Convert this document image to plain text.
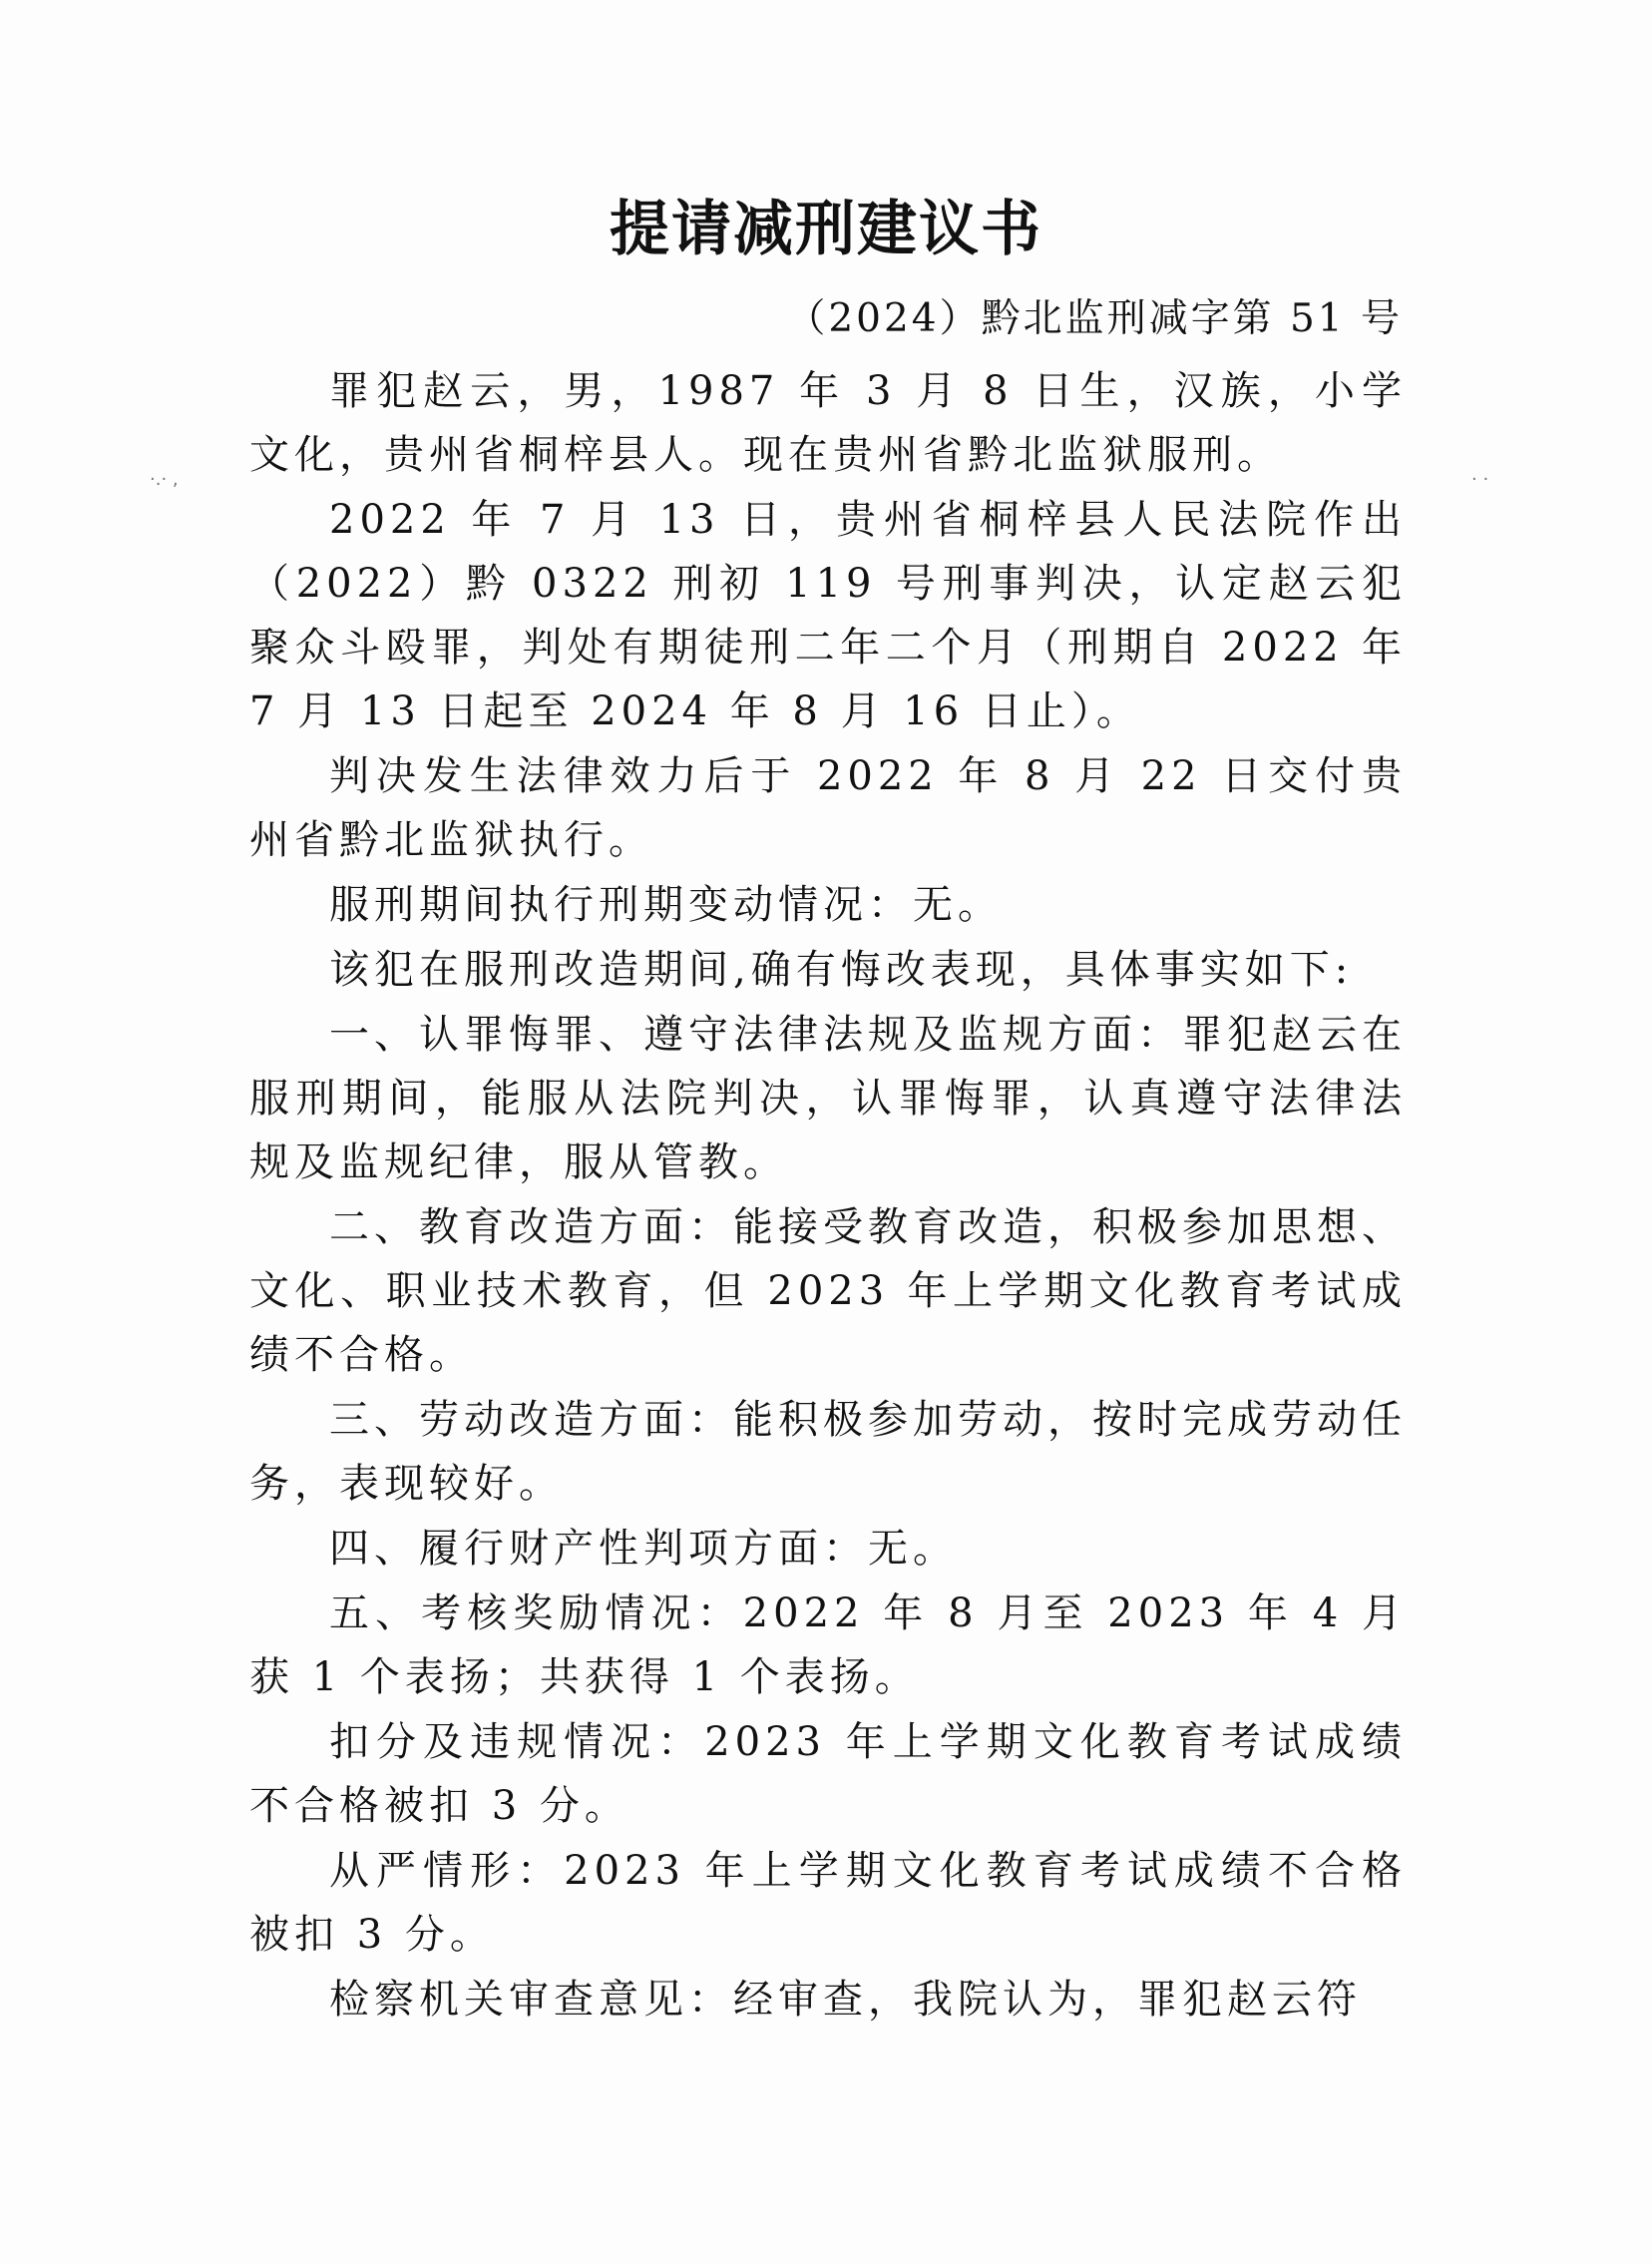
提请减刑建议书
（2024）黔北监刑减字第 51 号
·.· ,	· ·

罪犯赵云，男，1987 年 3 月 8 日生，汉族，小学文化，贵州省桐梓县人。现在贵州省黔北监狱服刑。

2022 年 7 月 13 日，贵州省桐梓县人民法院作出（2022）黔 0322 刑初 119 号刑事判决，认定赵云犯聚众斗殴罪，判处有期徒刑二年二个月（刑期自 2022 年 7 月 13 日起至 2024 年 8 月 16 日止）。

判决发生法律效力后于 2022 年 8 月 22 日交付贵州省黔北监狱执行。

服刑期间执行刑期变动情况：无。

该犯在服刑改造期间,确有悔改表现，具体事实如下:

一、认罪悔罪、遵守法律法规及监规方面：罪犯赵云在服刑期间，能服从法院判决，认罪悔罪，认真遵守法律法规及监规纪律，服从管教。

二、教育改造方面：能接受教育改造，积极参加思想、文化、职业技术教育，但 2023 年上学期文化教育考试成绩不合格。

三、劳动改造方面：能积极参加劳动，按时完成劳动任务，表现较好。

四、履行财产性判项方面：无。

五、考核奖励情况：2022 年 8 月至 2023 年 4 月获 1 个表扬；共获得 1 个表扬。

扣分及违规情况：2023 年上学期文化教育考试成绩不合格被扣 3 分。

从严情形：2023 年上学期文化教育考试成绩不合格被扣 3 分。

检察机关审查意见：经审查，我院认为，罪犯赵云符
